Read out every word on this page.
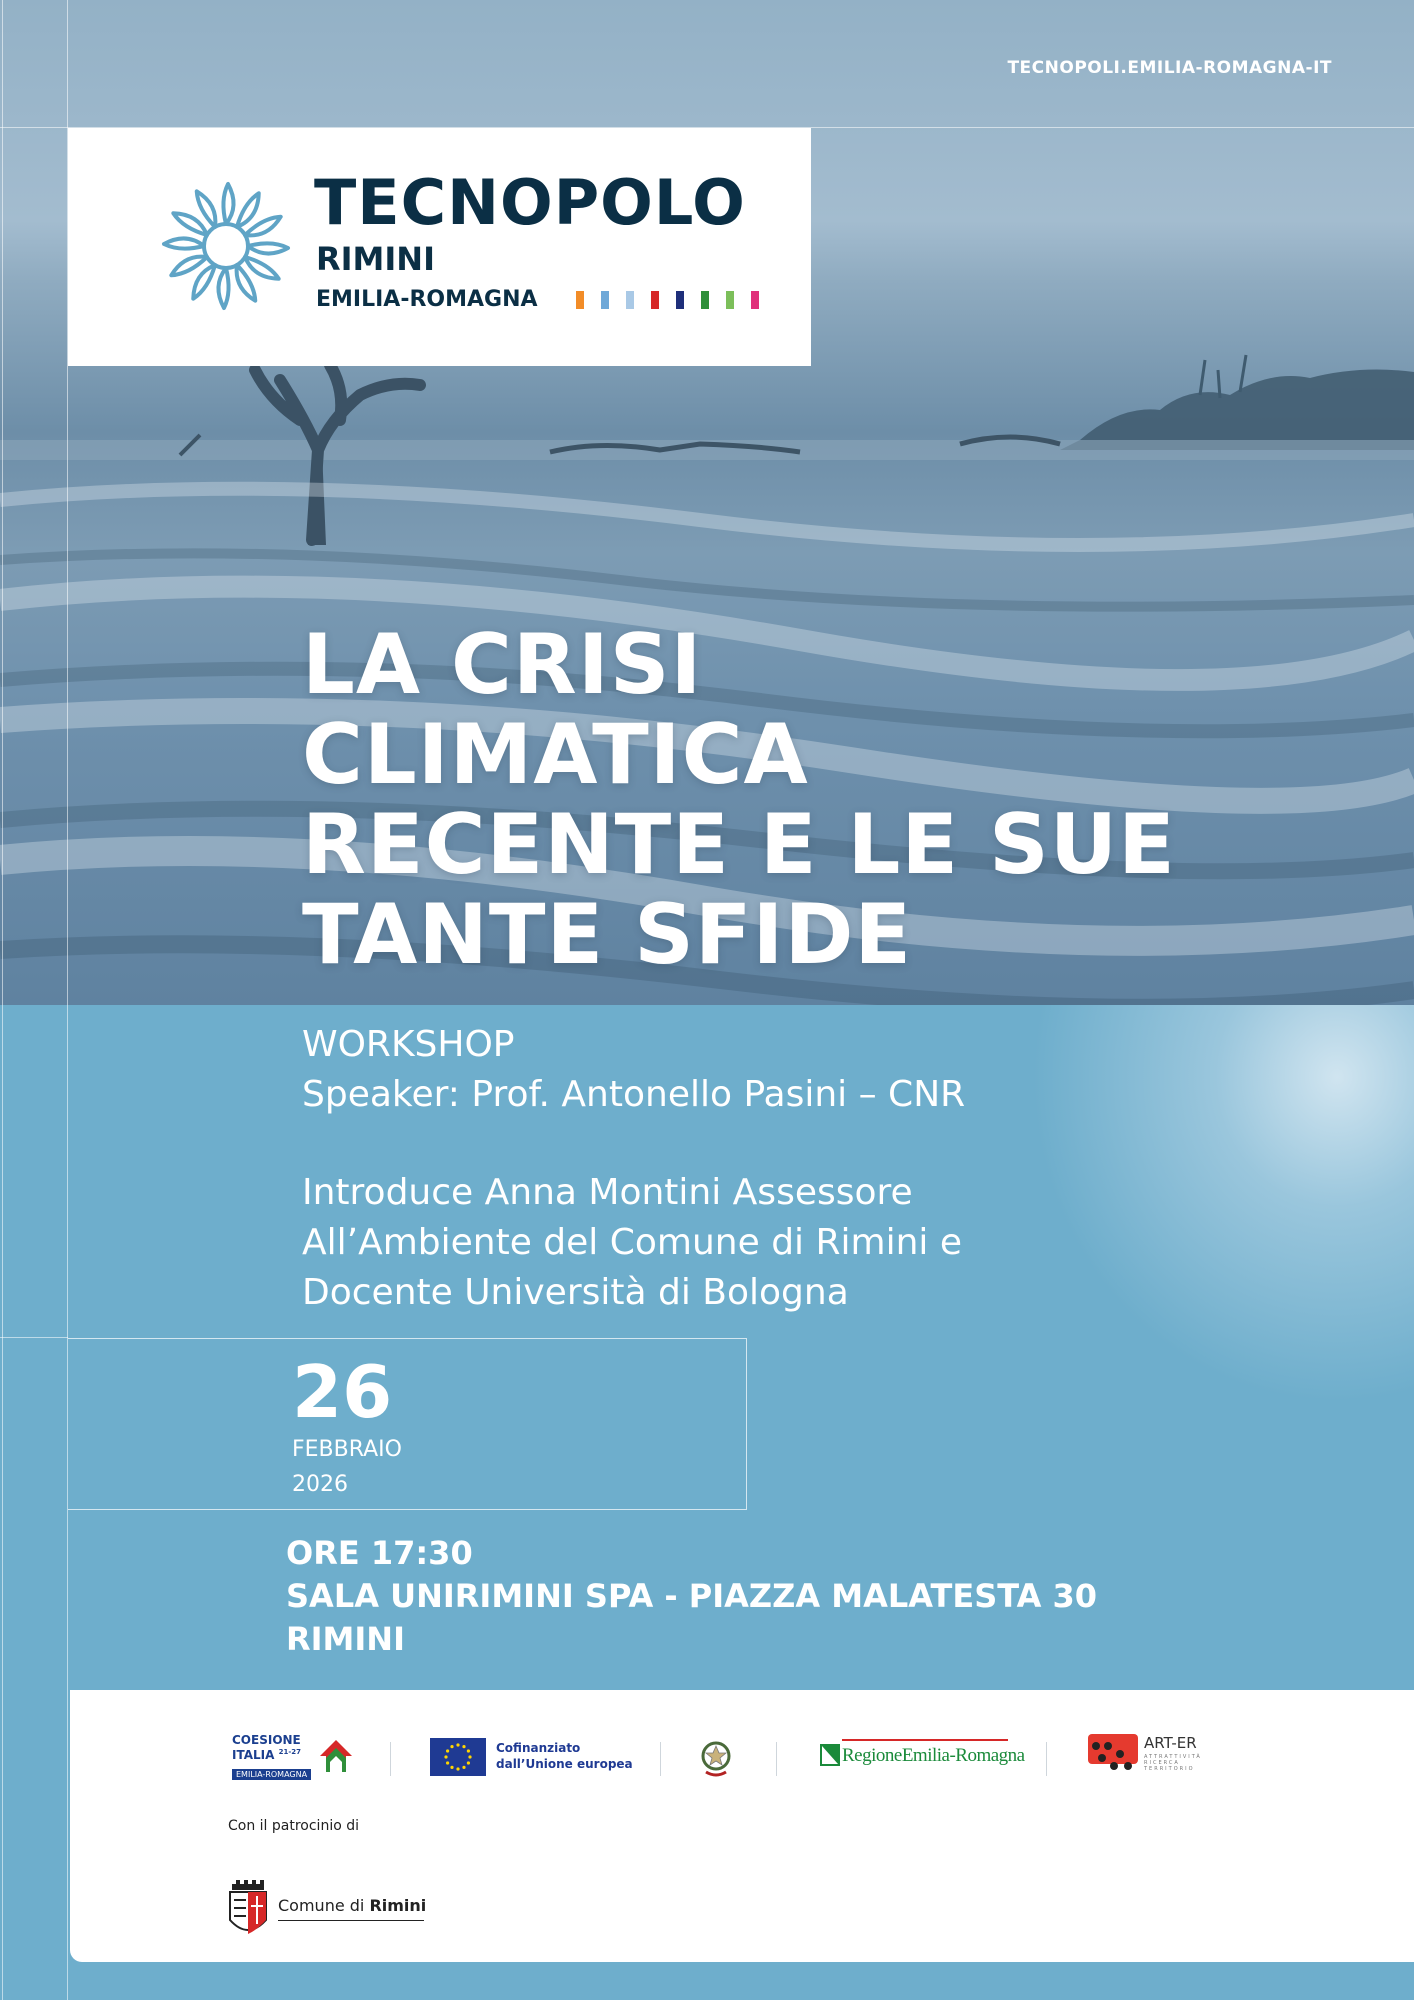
TECNOPOLI.EMILIA-ROMAGNA-IT
TECNOPOLO
RIMINI
EMILIA-ROMAGNA
LA CRISI
CLIMATICA
RECENTE E LE SUE
TANTE SFIDE
WORKSHOP
Speaker: Prof. Antonello Pasini – CNR
Introduce Anna Montini Assessore
All’Ambiente del Comune di Rimini e
Docente Università di Bologna
26
FEBBRAIO
2026
ORE 17:30
SALA UNIRIMINI SPA - PIAZZA MALATESTA 30
RIMINI
COESIONE
ITALIA $^{21-27}$
EMILIA-ROMAGNA
Cofinanziato
dall’Unione europea	RegioneEmilia-Romagna
ART-ER
ATTRATTIVITÀ
RICERCA
TERRITORIO
Con il patrocinio di
Comune di Rimini
